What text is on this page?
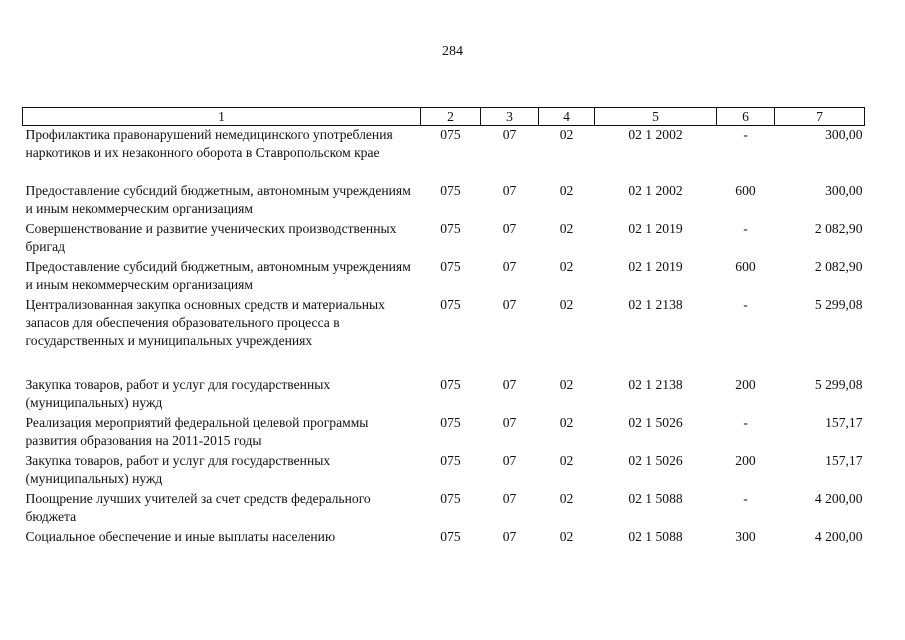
284
1	2	3	4	5	6	7
Профилактика правонарушений немедицинского употребления наркотиков и их незаконного оборота в Ставропольском крае	075	07	02	02 1 2002	-	300,00
Предоставление субсидий бюджетным, автономным учреждениям и иным некоммерческим организациям	075	07	02	02 1 2002	600	300,00
Совершенствование и развитие ученических производственных бригад	075	07	02	02 1 2019	-	2 082,90
Предоставление субсидий бюджетным, автономным учреждениям и иным некоммерческим организациям	075	07	02	02 1 2019	600	2 082,90
Централизованная закупка основных средств и материальных запасов для обеспечения образовательного процесса в государственных и муниципальных учреждениях	075	07	02	02 1 2138	-	5 299,08
Закупка товаров, работ и услуг для государственных (муниципальных) нужд	075	07	02	02 1 2138	200	5 299,08
Реализация мероприятий федеральной целевой программы развития образования на 2011-2015 годы	075	07	02	02 1 5026	-	157,17
Закупка товаров, работ и услуг для государственных (муниципальных) нужд	075	07	02	02 1 5026	200	157,17
Поощрение лучших учителей за счет средств федерального бюджета	075	07	02	02 1 5088	-	4 200,00
Социальное обеспечение и иные выплаты населению	075	07	02	02 1 5088	300	4 200,00
